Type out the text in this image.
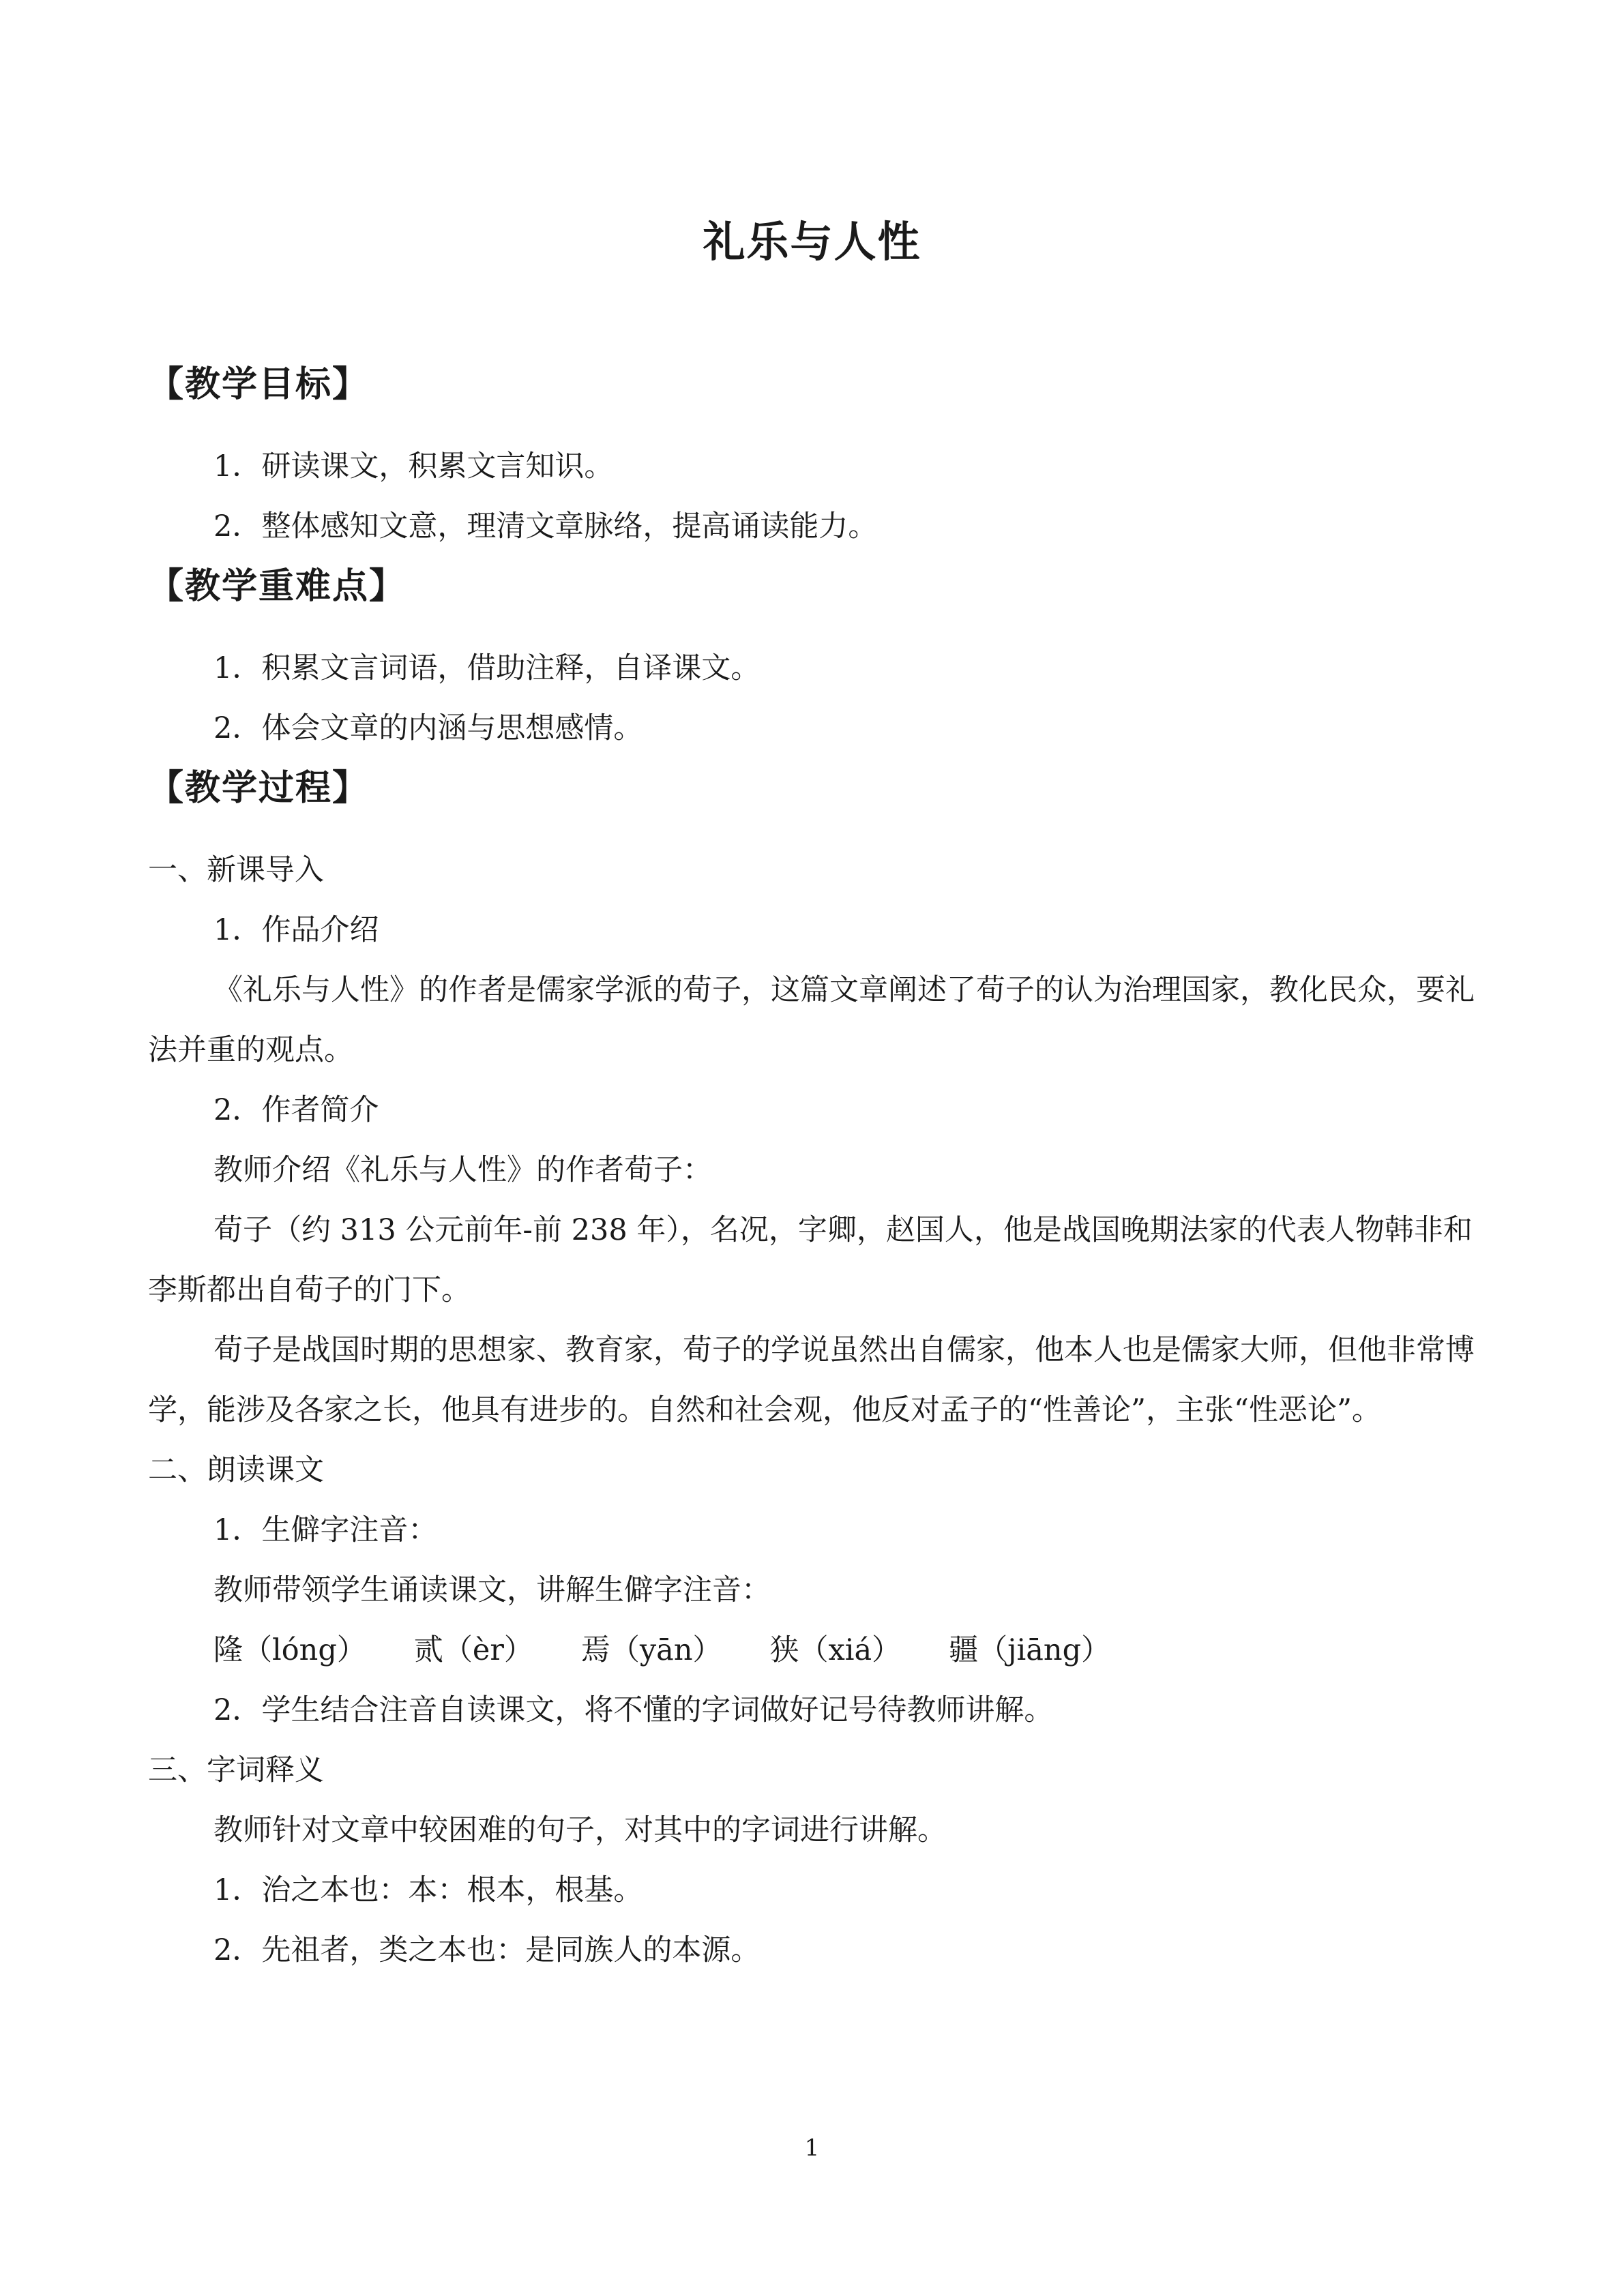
礼乐与人性
【教学目标】
1．研读课文，积累文言知识。
2．整体感知文意，理清文章脉络，提高诵读能力。
【教学重难点】
1．积累文言词语，借助注释，自译课文。
2．体会文章的内涵与思想感情。
【教学过程】
一、新课导入
1．作品介绍
《礼乐与人性》的作者是儒家学派的荀子，这篇文章阐述了荀子的认为治理国家，教化民众，要礼法并重的观点。
2．作者简介
教师介绍《礼乐与人性》的作者荀子：
荀子（约 313 公元前年-前 238 年），名况，字卿，赵国人，他是战国晚期法家的代表人物韩非和李斯都出自荀子的门下。
荀子是战国时期的思想家、教育家，荀子的学说虽然出自儒家，他本人也是儒家大师，但他非常博学，能涉及各家之长，他具有进步的。自然和社会观，他反对孟子的“性善论”，主张“性恶论”。
二、朗读课文
1．生僻字注音：
教师带领学生诵读课文，讲解生僻字注音：
隆（lóng） 贰（èr） 焉（yān） 狭（xiá） 疆（jiāng）
2．学生结合注音自读课文，将不懂的字词做好记号待教师讲解。
三、字词释义
教师针对文章中较困难的句子，对其中的字词进行讲解。
1．治之本也：本：根本，根基。
2．先祖者，类之本也：是同族人的本源。
1
